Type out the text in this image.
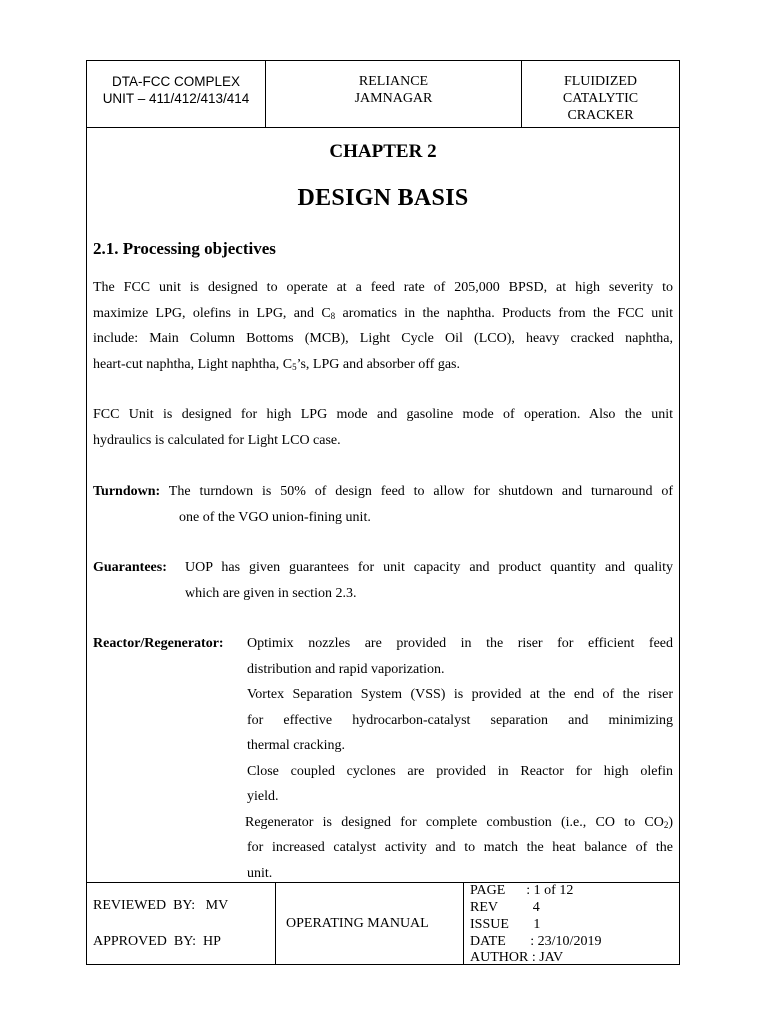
DTA-FCC COMPLEX
UNIT – 411/412/413/414
RELIANCE
JAMNAGAR
FLUIDIZED
CATALYTIC
CRACKER
CHAPTER 2
DESIGN BASIS
2.1. Processing objectives
The FCC unit is designed to operate at a feed rate of 205,000 BPSD, at high severity to
maximize LPG, olefins in LPG, and $C_8$ aromatics in the naphtha. Products from the FCC unit
include: Main Column Bottoms (MCB), Light Cycle Oil (LCO), heavy cracked naphtha,
heart-cut naphtha, Light naphtha, $C_5’s$, LPG and absorber off gas.
FCC Unit is designed for high LPG mode and gasoline mode of operation. Also the unit
hydraulics is calculated for Light LCO case.
Turndown: The turndown is 50% of design feed to allow for shutdown and turnaround of
one of the VGO union-fining unit.
Guarantees:	UOP has given guarantees for unit capacity and product quantity and quality
which are given in section 2.3.
Reactor/Regenerator:	Optimix nozzles are provided in the riser for efficient feed
distribution and rapid vaporization.
Vortex Separation System (VSS) is provided at the end of the riser
for effective hydrocarbon-catalyst separation and minimizing
thermal cracking.
Close coupled cyclones are provided in Reactor for high olefin
yield.
Regenerator is designed for complete combustion (i.e., CO to $CO_2$)
for increased catalyst activity and to match the heat balance of the
unit.
REVIEWED  BY:   MV
APPROVED  BY:  HP
OPERATING MANUAL
PAGE      : 1 of 12
REV          4
ISSUE       1
DATE       : 23/10/2019
AUTHOR : JAV
